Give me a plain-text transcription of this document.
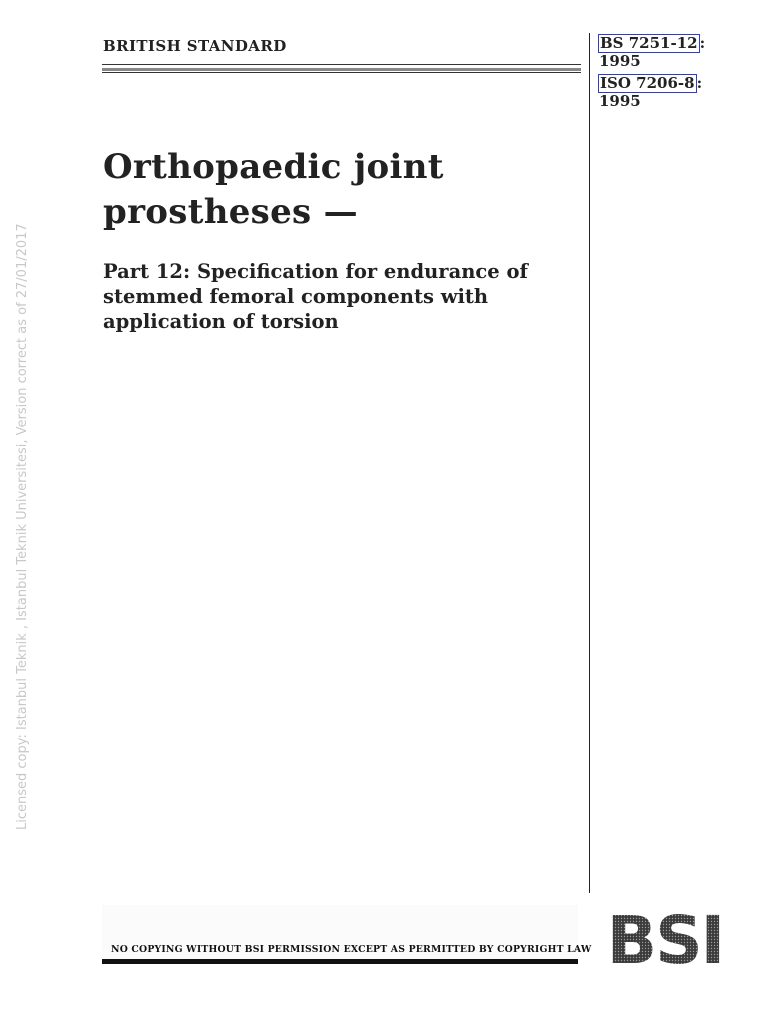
BRITISH STANDARD	BS 7251-12 :
1995
ISO 7206-8 :
1995
Orthopaedic joint prostheses —
Part 12: Specification for endurance of stemmed femoral components with application of torsion
Licensed copy: Istanbul Teknik , Istanbul Teknik Universitesi, Version correct as of 27/01/2017
NO COPYING WITHOUT BSI PERMISSION EXCEPT AS PERMITTED BY COPYRIGHT LAW BSI
